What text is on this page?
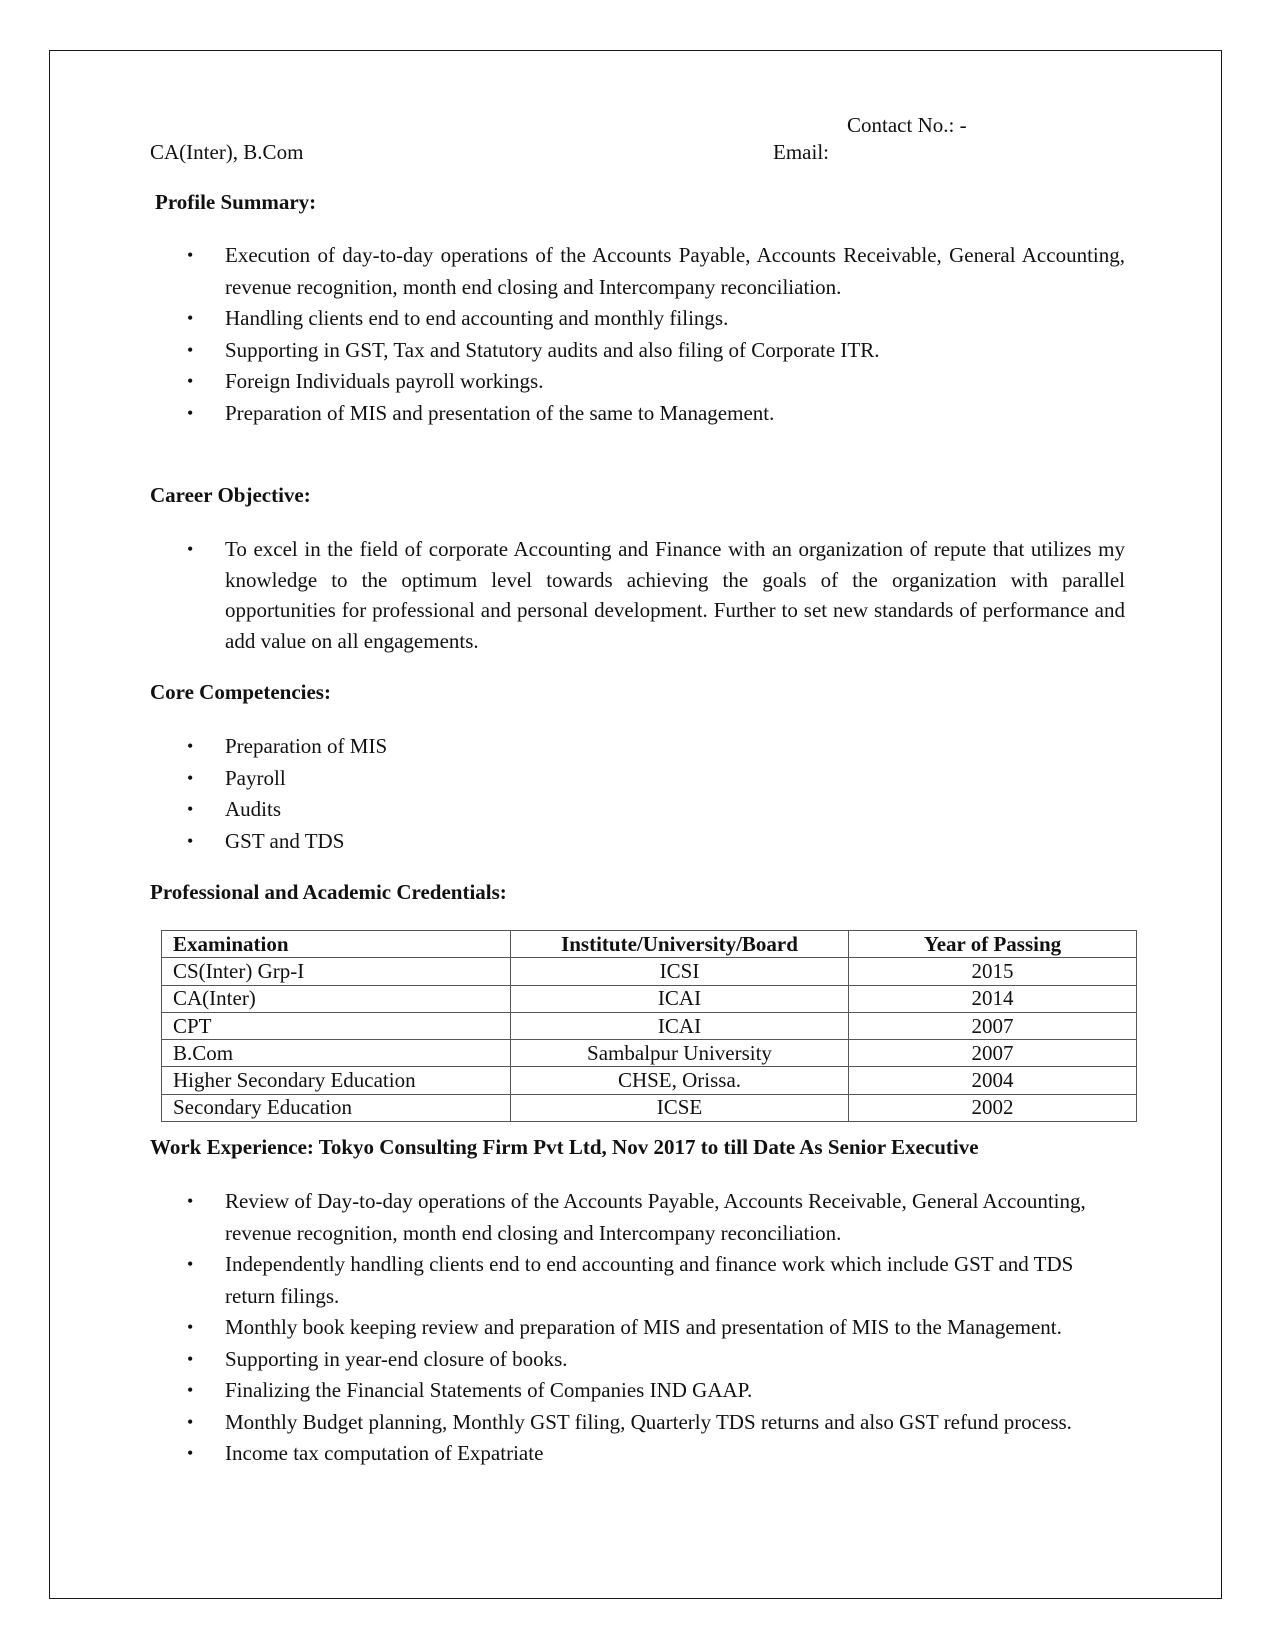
Contact No.: -
Email:
CA(Inter), B.Com
Profile Summary:
• Execution of day-to-day operations of the Accounts Payable, Accounts Receivable, General Accounting, revenue recognition, month end closing and Intercompany reconciliation.
• Handling clients end to end accounting and monthly filings.
• Supporting in GST, Tax and Statutory audits and also filing of Corporate ITR.
• Foreign Individuals payroll workings.
• Preparation of MIS and presentation of the same to Management.
Career Objective:
• To excel in the field of corporate Accounting and Finance with an organization of repute that utilizes my knowledge to the optimum level towards achieving the goals of the organization with parallel opportunities for professional and personal development. Further to set new standards of performance and add value on all engagements.
Core Competencies:
• Preparation of MIS
• Payroll
• Audits
• GST and TDS
Professional and Academic Credentials:
Examination	Institute/University/Board	Year of Passing
CS(Inter) Grp-I	ICSI	2015
CA(Inter)	ICAI	2014
CPT	ICAI	2007
B.Com	Sambalpur University	2007
Higher Secondary Education	CHSE, Orissa.	2004
Secondary Education	ICSE	2002
Work Experience: Tokyo Consulting Firm Pvt Ltd, Nov 2017 to till Date As Senior Executive
• Review of Day-to-day operations of the Accounts Payable, Accounts Receivable, General Accounting, revenue recognition, month end closing and Intercompany reconciliation.
• Independently handling clients end to end accounting and finance work which include GST and TDS return filings.
• Monthly book keeping review and preparation of MIS and presentation of MIS to the Management.
• Supporting in year-end closure of books.
• Finalizing the Financial Statements of Companies IND GAAP.
• Monthly Budget planning, Monthly GST filing, Quarterly TDS returns and also GST refund process.
• Income tax computation of Expatriate
